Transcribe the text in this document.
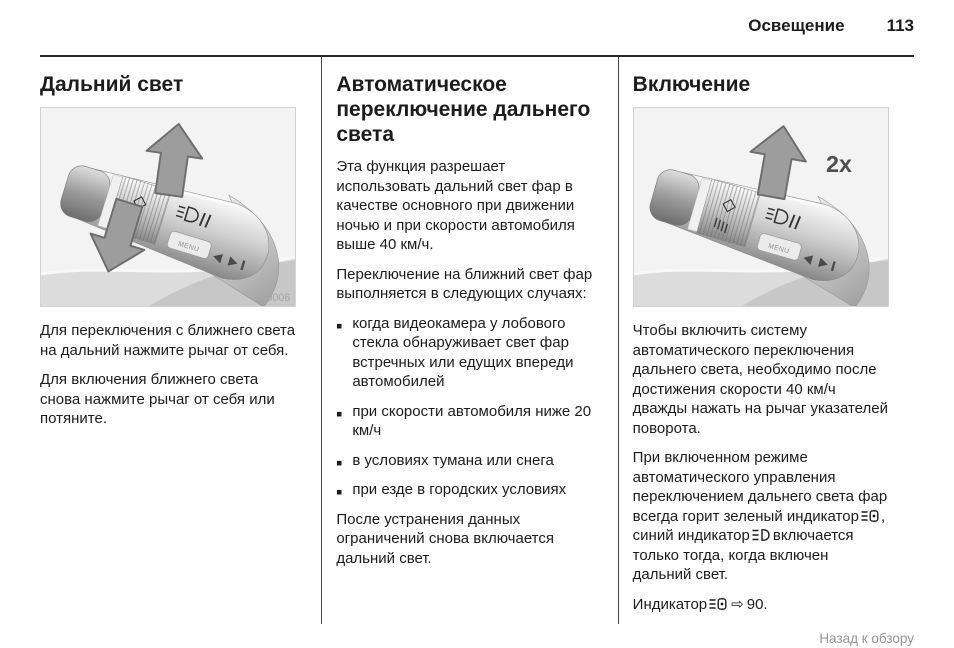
Освещение 113
Дальний свет
MENU
30006

Для переключения с ближнего света на дальний нажмите рычаг от себя.

Для включения ближнего света снова нажмите рычаг от себя или потяните.

Автоматическое переключение дальнего света

Эта функция разрешает использовать дальний свет фар в качестве основного при движении ночью и при скорости автомобиля выше 40 км/ч.

Переключение на ближний свет фар выполняется в следующих случаях:

■ когда видеокамера у лобового стекла обнаруживает свет фар встречных или едущих впереди автомобилей
■ при скорости автомобиля ниже 20 км/ч
■ в условиях тумана или снега
■ при езде в городских условиях

После устранения данных ограничений снова включается дальний свет.

Включение
MENU
2x

Чтобы включить систему автоматического переключения дальнего света, необходимо после достижения скорости 40 км/ч дважды нажать на рычаг указателей поворота.

При включенном режиме автоматического управления переключением дальнего света фар всегда горит зеленый индикатор , синий индикатор включается только тогда, когда включен дальний свет.

Индикатор ⇨ 90.

Назад к обзору
